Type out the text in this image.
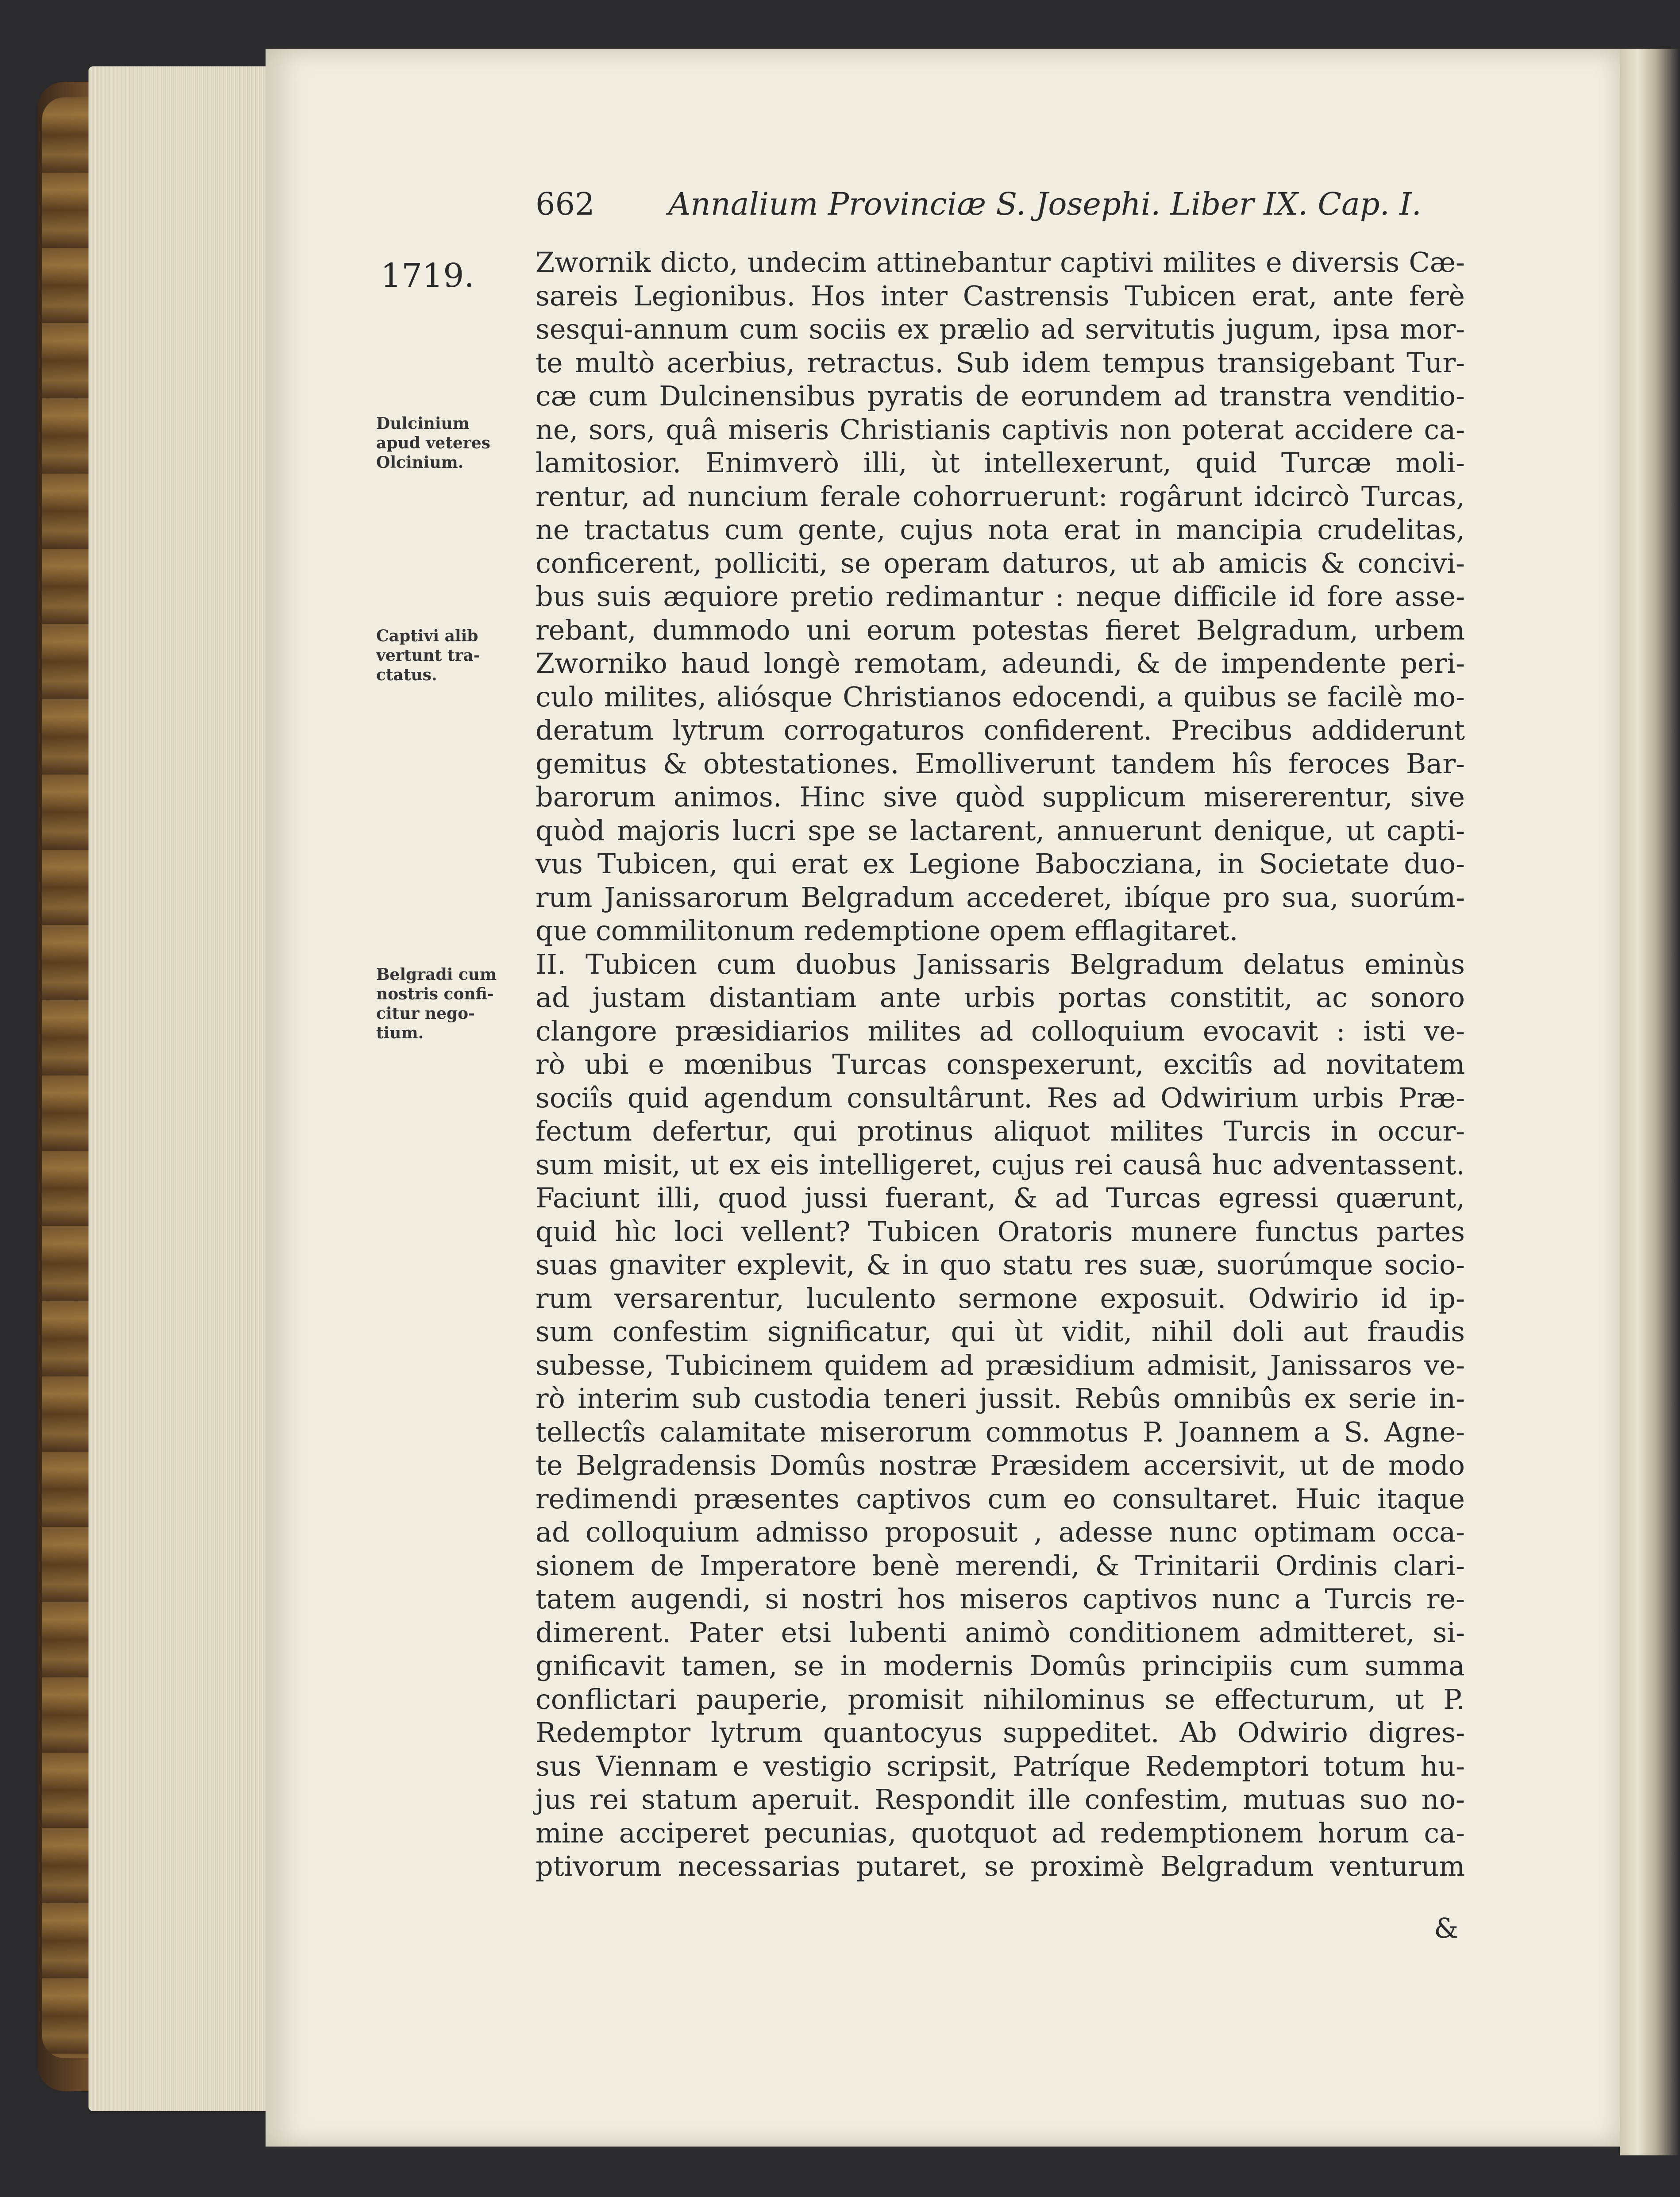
662 Annalium Provinciæ S. Josephi. Liber IX. Cap. I.
1719.
Dulcinium
apud veteres
Olcinium.
Captivi alib
vertunt tra-
ctatus.
Belgradi cum
nostris confi-
citur nego-
tium.
Zwornik dicto, undecim attinebantur captivi milites e diversis Cæ-
sareis Legionibus. Hos inter Castrensis Tubicen erat, ante ferè
sesqui-annum cum sociis ex prælio ad servitutis jugum, ipsa mor-
te multò acerbius, retractus. Sub idem tempus transigebant Tur-
cæ cum Dulcinensibus pyratis de eorundem ad transtra venditio-
ne, sors, quâ miseris Christianis captivis non poterat accidere ca-
lamitosior. Enimverò illi, ùt intellexerunt, quid Turcæ moli-
rentur, ad nuncium ferale cohorruerunt: rogârunt idcircò Turcas,
ne tractatus cum gente, cujus nota erat in mancipia crudelitas,
conficerent, polliciti, se operam daturos, ut ab amicis & concivi-
bus suis æquiore pretio redimantur : neque difficile id fore asse-
rebant, dummodo uni eorum potestas fieret Belgradum, urbem
Zworniko haud longè remotam, adeundi, & de impendente peri-
culo milites, aliósque Christianos edocendi, a quibus se facilè mo-
deratum lytrum corrogaturos confiderent. Precibus addiderunt
gemitus & obtestationes. Emolliverunt tandem hîs feroces Bar-
barorum animos. Hinc sive quòd supplicum misererentur, sive
quòd majoris lucri spe se lactarent, annuerunt denique, ut capti-
vus Tubicen, qui erat ex Legione Babocziana, in Societate duo-
rum Janissarorum Belgradum accederet, ibíque pro sua, suorúm-
que commilitonum redemptione opem efflagitaret.
II. Tubicen cum duobus Janissaris Belgradum delatus eminùs
ad justam distantiam ante urbis portas constitit, ac sonoro
clangore præsidiarios milites ad colloquium evocavit : isti ve-
rò ubi e mœnibus Turcas conspexerunt, excitîs ad novitatem
sociîs quid agendum consultârunt. Res ad Odwirium urbis Præ-
fectum defertur, qui protinus aliquot milites Turcis in occur-
sum misit, ut ex eis intelligeret, cujus rei causâ huc adventassent.
Faciunt illi, quod jussi fuerant, & ad Turcas egressi quærunt,
quid hìc loci vellent? Tubicen Oratoris munere functus partes
suas gnaviter explevit, & in quo statu res suæ, suorúmque socio-
rum versarentur, luculento sermone exposuit. Odwirio id ip-
sum confestim significatur, qui ùt vidit, nihil doli aut fraudis
subesse, Tubicinem quidem ad præsidium admisit, Janissaros ve-
rò interim sub custodia teneri jussit. Rebûs omnibûs ex serie in-
tellectîs calamitate miserorum commotus P. Joannem a S. Agne-
te Belgradensis Domûs nostræ Præsidem accersivit, ut de modo
redimendi præsentes captivos cum eo consultaret. Huic itaque
ad colloquium admisso proposuit , adesse nunc optimam occa-
sionem de Imperatore benè merendi, & Trinitarii Ordinis clari-
tatem augendi, si nostri hos miseros captivos nunc a Turcis re-
dimerent. Pater etsi lubenti animò conditionem admitteret, si-
gnificavit tamen, se in modernis Domûs principiis cum summa
conflictari pauperie, promisit nihilominus se effecturum, ut P.
Redemptor lytrum quantocyus suppeditet. Ab Odwirio digres-
sus Viennam e vestigio scripsit, Patríque Redemptori totum hu-
jus rei statum aperuit. Respondit ille confestim, mutuas suo no-
mine acciperet pecunias, quotquot ad redemptionem horum ca-
ptivorum necessarias putaret, se proximè Belgradum venturum
&
